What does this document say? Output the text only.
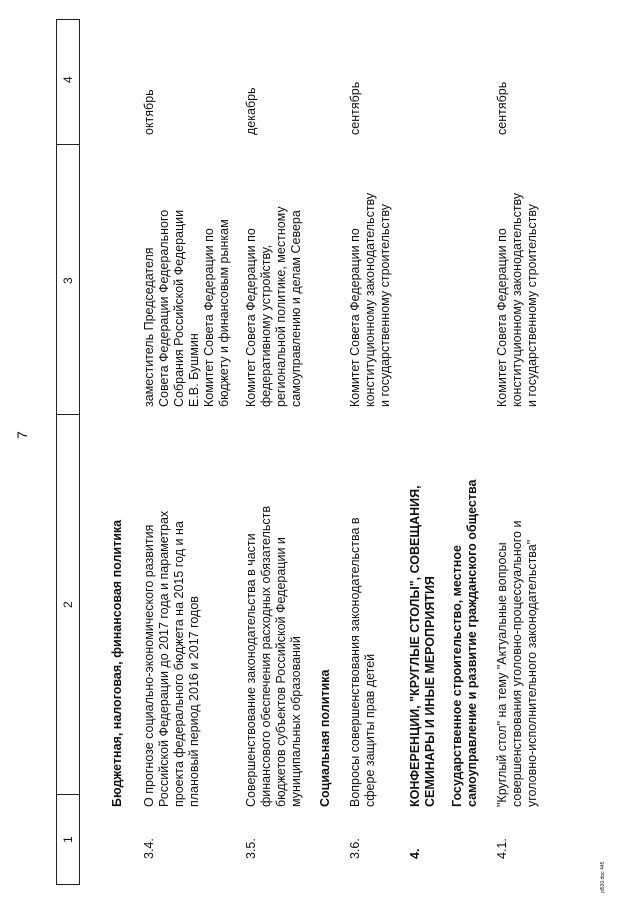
1
2
3
4
7
Бюджетная, налоговая, финансовая политика
3.4.
О прогнозе социально-экономического развития Российской Федерации до 2017 года и параметрах проекта федерального бюджета на 2015 год и на плановый период 2016 и 2017 годов
заместитель Председателя Совета Федерации Федерального Собрания Российской Федерации Е.В. Бушмин Комитет Совета Федерации по бюджету и финансовым рынкам
октябрь
3.5.
Совершенствование законодательства в части финансового обеспечения расходных обязательств бюджетов субъектов Российской Федерации и муниципальных образований
Комитет Совета Федерации по федеративному устройству, региональной политике, местному самоуправлению и делам Севера
декабрь
Социальная политика
3.6.
Вопросы совершенствования законодательства в сфере защиты прав детей
Комитет Совета Федерации по конституционному законодательству и государственному строительству
сентябрь
4.
КОНФЕРЕНЦИИ, "КРУГЛЫЕ СТОЛЫ", СОВЕЩАНИЯ, СЕМИНАРЫ И ИНЫЕ МЕРОПРИЯТИЯ Государственное строительство, местное самоуправление и развитие гражданского общества
4.1.
"Круглый стол" на тему "Актуальные вопросы совершенствования уголовно-процессуального и уголовно-исполнительного законодательства"
Комитет Совета Федерации по конституционному законодательству и государственному строительству
сентябрь
pl530.doc 445
